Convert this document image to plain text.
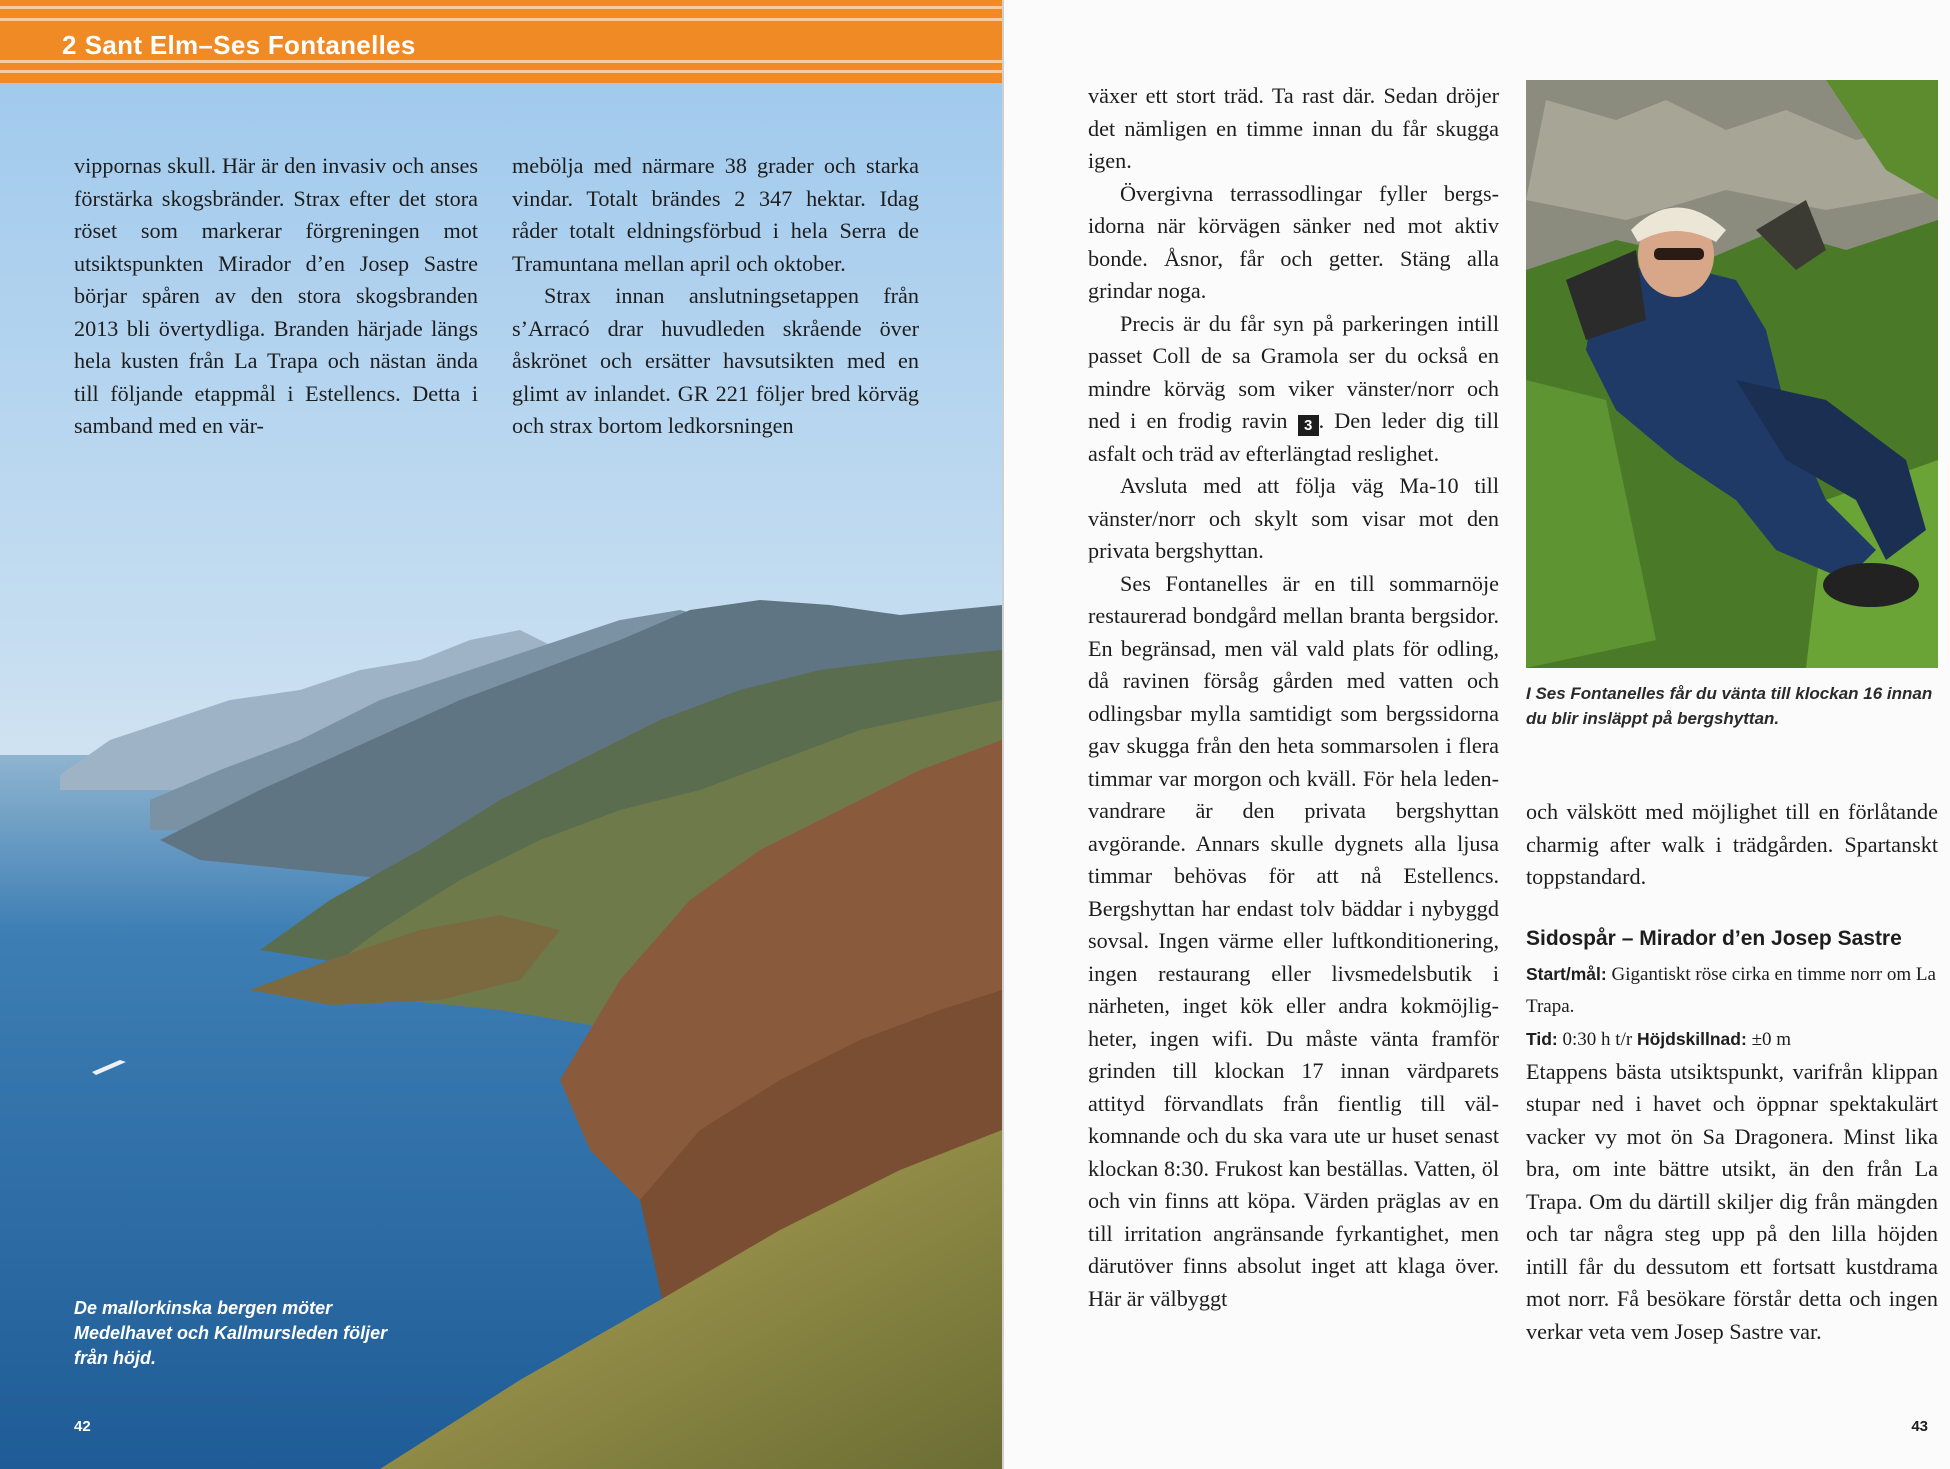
2 Sant Elm–Ses Fontanelles

vippornas skull. Här är den invasiv och anses förstärka skogsbränder. Strax efter det stora röset som markerar förgreningen mot utsiktspunkten Mirador d’en Josep Sastre börjar spåren av den stora skogsbranden 2013 bli övertydliga. Branden härjade längs hela kusten från La Trapa och nästan ända till följande etappmål i Estellencs. Detta i samband med en vär-

mebölja med närmare 38 grader och starka vindar. Totalt brändes 2 347 hektar. Idag råder totalt eldningsförbud i hela Serra de Tramuntana mellan april och oktober.

Strax innan anslutningsetappen från s’Arracó drar huvudleden skrående över åskrönet och ersätter havsutsikten med en glimt av inlandet. GR 221 följer bred körväg och strax bortom ledkorsningen

De mallorkinska bergen möter Medelhavet och Kallmursleden följer från höjd.
42

växer ett stort träd. Ta rast där. Sedan dröjer det nämligen en timme innan du får skugga igen.

Övergivna terrassodlingar fyller bergsidorna när körvägen sänker ned mot aktiv bonde. Åsnor, får och getter. Stäng alla grindar noga.

Precis är du får syn på parkeringen intill passet Coll de sa Gramola ser du också en mindre körväg som viker vänster/norr och ned i en frodig ravin 3 . Den leder dig till asfalt och träd av efterlängtad reslighet.

Avsluta med att följa väg Ma-10 till vänster/norr och skylt som visar mot den privata bergshyttan.

Ses Fontanelles är en till sommarnöje restaurerad bondgård mellan branta bergsidor. En begränsad, men väl vald plats för odling, då ravinen försåg gården med vatten och odlingsbar mylla samtidigt som bergssidorna gav skugga från den heta sommarsolen i flera timmar var morgon och kväll. För hela leden-vandrare är den privata bergshyttan avgörande. Annars skulle dygnets alla ljusa timmar behövas för att nå Estellencs. Bergshyttan har endast tolv bäddar i nybyggd sovsal. Ingen värme eller luftkonditionering, ingen restaurang eller livsmedelsbutik i närheten, inget kök eller andra kokmöjligheter, ingen wifi. Du måste vänta framför grinden till klockan 17 innan värdparets attityd förvandlats från fientlig till välkomnande och du ska vara ute ur huset senast klockan 8:30. Frukost kan beställas. Vatten, öl och vin finns att köpa. Värden präglas av en till irritation angränsande fyrkantighet, men därutöver finns absolut inget att klaga över. Här är välbyggt

I Ses Fontanelles får du vänta till klockan 16 innan du blir insläppt på bergshyttan.

och välskött med möjlighet till en förlåtande charmig after walk i trädgården. Spartanskt toppstandard.

Sidospår – Mirador d’en Josep Sastre
Start/mål: Gigantiskt röse cirka en timme norr om La Trapa.
Tid: 0:30 h t/r Höjdskillnad: ±0 m

Etappens bästa utsiktspunkt, varifrån klippan stupar ned i havet och öppnar spektakulärt vacker vy mot ön Sa Dragonera. Minst lika bra, om inte bättre utsikt, än den från La Trapa. Om du därtill skiljer dig från mängden och tar några steg upp på den lilla höjden intill får du dessutom ett fortsatt kustdrama mot norr. Få besökare förstår detta och ingen verkar veta vem Josep Sastre var.

43
